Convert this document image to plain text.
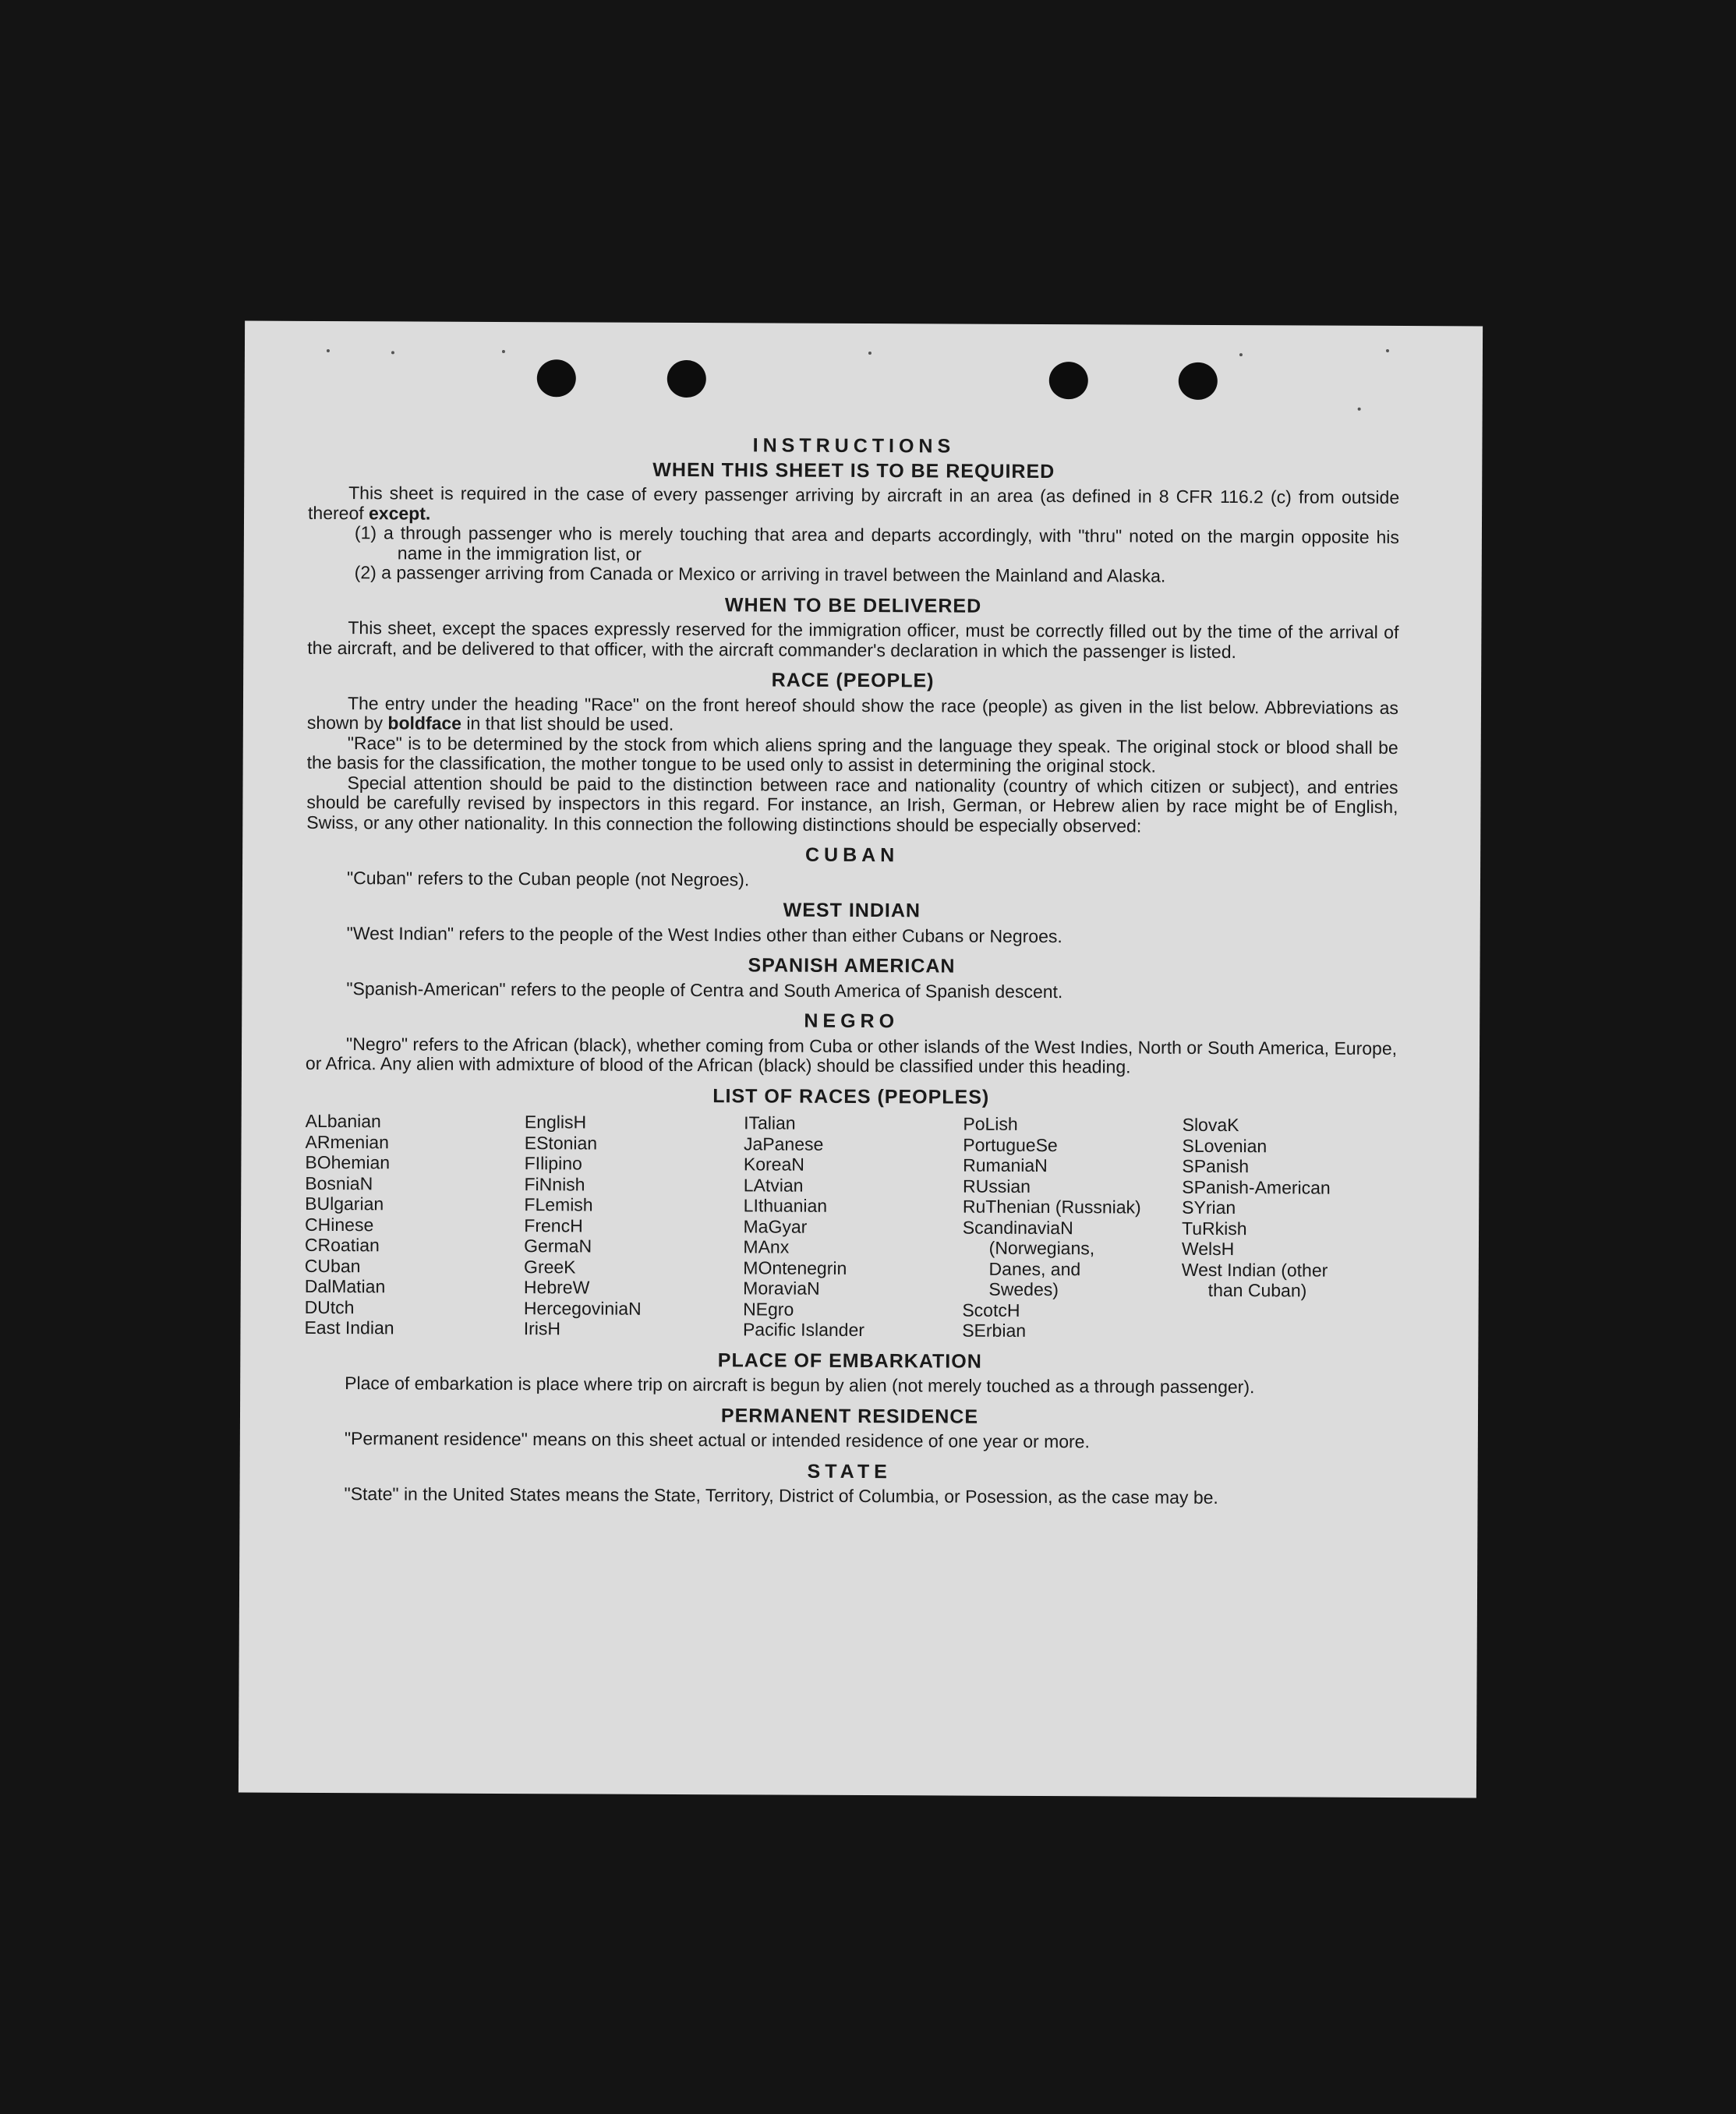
INSTRUCTIONS
WHEN THIS SHEET IS TO BE REQUIRED

This sheet is required in the case of every passenger arriving by aircraft in an area (as defined in 8 CFR 116.2 (c) from outside thereof except.

(1) a through passenger who is merely touching that area and departs accordingly, with "thru" noted on the margin opposite his name in the immigration list, or

(2) a passenger arriving from Canada or Mexico or arriving in travel between the Mainland and Alaska.

WHEN TO BE DELIVERED

This sheet, except the spaces expressly reserved for the immigration officer, must be correctly filled out by the time of the arrival of the aircraft, and be delivered to that officer, with the aircraft commander's declaration in which the passenger is listed.

RACE (PEOPLE)

The entry under the heading "Race" on the front hereof should show the race (people) as given in the list below. Abbreviations as shown by boldface in that list should be used.

"Race" is to be determined by the stock from which aliens spring and the language they speak. The original stock or blood shall be the basis for the classification, the mother tongue to be used only to assist in determining the original stock.

Special attention should be paid to the distinction between race and nationality (country of which citizen or subject), and entries should be carefully revised by inspectors in this regard. For instance, an Irish, German, or Hebrew alien by race might be of English, Swiss, or any other nationality. In this connection the following distinctions should be especially observed:

CUBAN

"Cuban" refers to the Cuban people (not Negroes).

WEST INDIAN

"West Indian" refers to the people of the West Indies other than either Cubans or Negroes.

SPANISH AMERICAN

"Spanish-American" refers to the people of Centra and South America of Spanish descent.

NEGRO

"Negro" refers to the African (black), whether coming from Cuba or other islands of the West Indies, North or South America, Europe, or Africa. Any alien with admixture of blood of the African (black) should be classified under this heading.

LIST OF RACES (PEOPLES)
ALbanian
ARmenian
BOhemian
BosniaN
BUlgarian
CHinese
CRoatian
CUban
DalMatian
DUtch
East Indian
EnglisH
EStonian
FIlipino
FiNnish
FLemish
FrencH
GermaN
GreeK
HebreW
HercegoviniaN
IrisH
ITalian
JaPanese
KoreaN
LAtvian
LIthuanian
MaGyar
MAnx
MOntenegrin
MoraviaN
NEgro
Pacific Islander
PoLish
PortugueSe
RumaniaN
RUssian
RuThenian (Russniak)
ScandinaviaN
(Norwegians,
Danes, and
Swedes)
ScotcH
SErbian
SlovaK
SLovenian
SPanish
SPanish-American
SYrian
TuRkish
WelsH
West Indian (other
than Cuban)
PLACE OF EMBARKATION

Place of embarkation is place where trip on aircraft is begun by alien (not merely touched as a through passenger).

PERMANENT RESIDENCE

"Permanent residence" means on this sheet actual or intended residence of one year or more.

STATE

"State" in the United States means the State, Territory, District of Columbia, or Posession, as the case may be.
